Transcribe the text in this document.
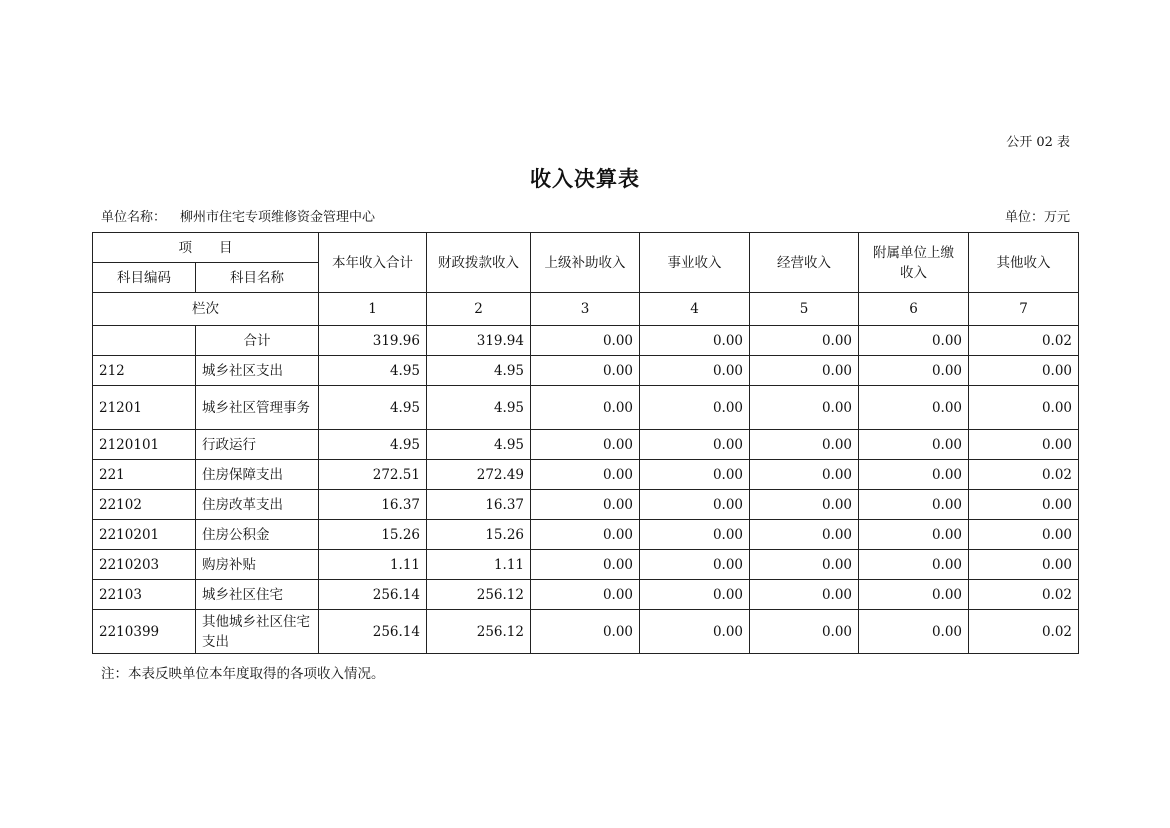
公开 02 表
收入决算表
单位名称： 柳州市住宅专项维修资金管理中心	单位：万元
项　　目		本年收入合计	财政拨款收入	上级补助收入	事业收入	经营收入	附属单位上缴收入	其他收入
科目编码	科目名称							
栏次		1	2	3	4	5	6	7
	合计	319.96	319.94	0.00	0.00	0.00	0.00	0.02
212	城乡社区支出	4.95	4.95	0.00	0.00	0.00	0.00	0.00
21201	城乡社区管理事务	4.95	4.95	0.00	0.00	0.00	0.00	0.00
2120101	行政运行	4.95	4.95	0.00	0.00	0.00	0.00	0.00
221	住房保障支出	272.51	272.49	0.00	0.00	0.00	0.00	0.02
22102	住房改革支出	16.37	16.37	0.00	0.00	0.00	0.00	0.00
2210201	住房公积金	15.26	15.26	0.00	0.00	0.00	0.00	0.00
2210203	购房补贴	1.11	1.11	0.00	0.00	0.00	0.00	0.00
22103	城乡社区住宅	256.14	256.12	0.00	0.00	0.00	0.00	0.02
2210399	其他城乡社区住宅支出	256.14	256.12	0.00	0.00	0.00	0.00	0.02
注：本表反映单位本年度取得的各项收入情况。
